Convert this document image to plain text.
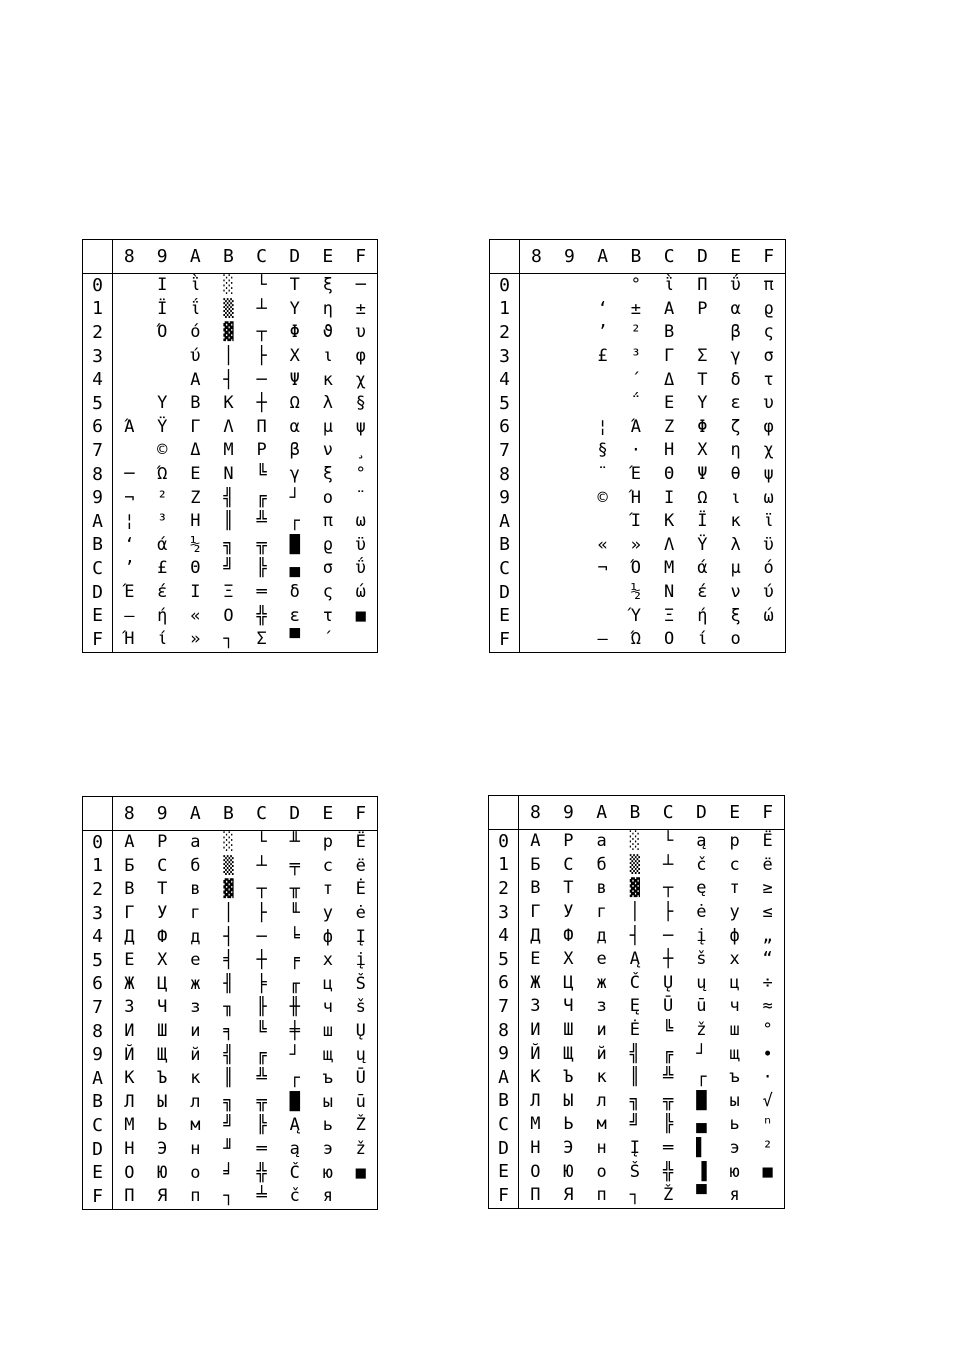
	8	9	A	B	C	D	E	F
0		Ι	ῒ	░	└	Τ	ξ	─
1		Ϊ	ΐ	▒	┴	Υ	η	±
2		Ό	ό	▓	┬	Φ	ϑ	υ
3			ύ	│	├	Χ	ι	φ
4			Α	┤	─	Ψ	κ	χ
5		Υ	Β	Κ	┼	Ω	λ	§
6	Ά	Ϋ	Γ	Λ	Π	α	μ	ψ
7		©	Δ	Μ	Ρ	β	ν	¸
8	─	Ώ	Ε	Ν	╚	γ	ξ	°
9	¬	²	Ζ	╣	╔	┘	ο	¨
A	¦	³	Η	║	╩	┌	π	ω
B	‘	ά	½	╗	╦	█	ϱ	ϋ
C	’	£	Θ	╝	╠	▄	σ	ΰ
D	Έ	έ	Ι	Ξ	═	δ	ς	ώ
E	―	ή	«	Ο	╬	ε	τ	■
F	Ή	ί	»	┐	Σ	▀	΄	
	8	9	A	B	C	D	E	F
0				°	ῒ	Π	ΰ	π
1			‘	±	Α	Ρ	α	ϱ
2			’	²	Β		β	ς
3			£	³	Γ	Σ	γ	σ
4				΄	Δ	Τ	δ	τ
5				΅	Ε	Υ	ε	υ
6			¦	Ά	Ζ	Φ	ζ	φ
7			§	·	Η	Χ	η	χ
8			¨	Έ	Θ	Ψ	θ	ψ
9			©	Ή	Ι	Ω	ι	ω
A				Ί	Κ	Ϊ	κ	ϊ
B			«	»	Λ	Ϋ	λ	ϋ
C			¬	Ό	Μ	ά	μ	ό
D				½	Ν	έ	ν	ύ
E				Ύ	Ξ	ή	ξ	ώ
F			―	Ώ	Ο	ί	ο	
	8	9	A	B	C	D	E	F
0	А	Р	а	░	└	╨	р	Ё
1	Б	С	б	▒	┴	╤	с	ё
2	В	Т	в	▓	┬	╥	т	Ė
3	Г	У	г	│	├	╙	у	ė
4	Д	Ф	д	┤	─	╘	ф	Į
5	Е	Х	е	╡	┼	╒	х	į
6	Ж	Ц	ж	╢	╞	╓	ц	Š
7	З	Ч	з	╖	╟	╫	ч	š
8	И	Ш	и	╕	╚	╪	ш	Ų
9	Й	Щ	й	╣	╔	┘	щ	ų
A	К	Ъ	к	║	╩	┌	ъ	Ū
B	Л	Ы	л	╗	╦	█	ы	ū
C	М	Ь	м	╝	╠	Ą	ь	Ž
D	Н	Э	н	╜	═	ą	э	ž
E	О	Ю	о	╛	╬	Č	ю	■
F	П	Я	п	┐	╧	č	я	
	8	9	A	B	C	D	E	F
0	А	Р	а	░	└	ą	р	Ё
1	Б	С	б	▒	┴	č	с	ё
2	В	Т	в	▓	┬	ę	т	≥
3	Г	У	г	│	├	ė	у	≤
4	Д	Ф	д	┤	─	į	ф	„
5	Е	Х	е	Ą	┼	š	х	“
6	Ж	Ц	ж	Č	Ų	ų	ц	÷
7	З	Ч	з	Ę	Ū	ū	ч	≈
8	И	Ш	и	Ė	╚	ž	ш	°
9	Й	Щ	й	╣	╔	┘	щ	∙
A	К	Ъ	к	║	╩	┌	ъ	·
B	Л	Ы	л	╗	╦	█	ы	√
C	М	Ь	м	╝	╠	▄	ь	ⁿ
D	Н	Э	н	Į	═	▌	э	²
E	О	Ю	о	Š	╬	▐	ю	■
F	П	Я	п	┐	Ž	▀	я	
